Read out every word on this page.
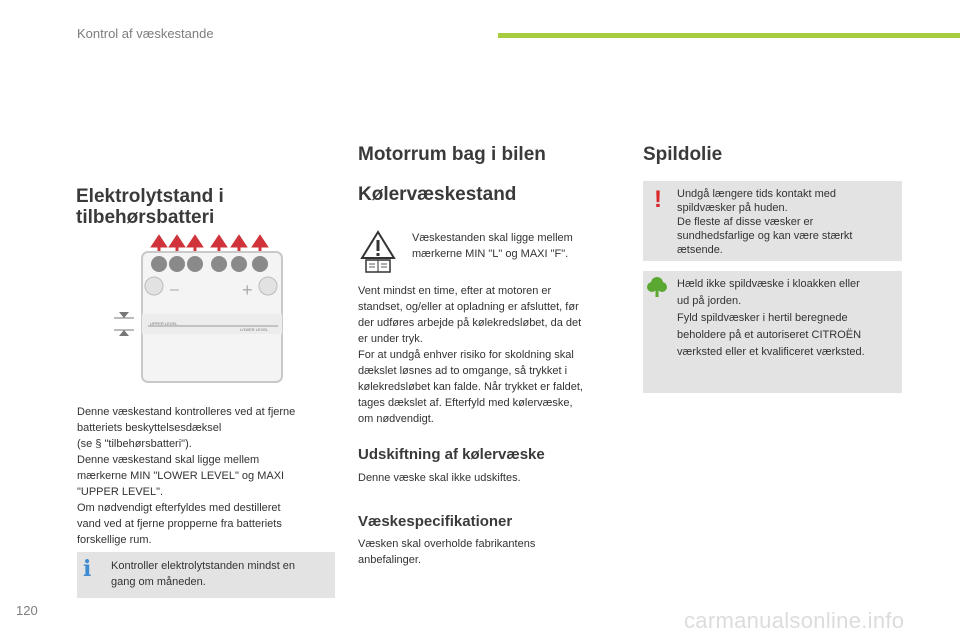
Kontrol af væskestande
Elektrolytstand i
tilbehørsbatteri
–	+
UPPER LEVEL
LOWER LEVEL
Denne væskestand kontrolleres ved at fjerne
batteriets beskyttelsesdæksel
(se § "tilbehørsbatteri").
Denne væskestand skal ligge mellem
mærkerne MIN "LOWER LEVEL" og MAXI
"UPPER LEVEL".
Om nødvendigt efterfyldes med destilleret
vand ved at fjerne propperne fra batteriets
forskellige rum.
i Kontroller elektrolytstanden mindst en
gang om måneden.
Motorrum bag i bilen
Kølervæskestand
Væskestanden skal ligge mellem
mærkerne MIN "L" og MAXI "F".
Vent mindst en time, efter at motoren er
standset, og/eller at opladning er afsluttet, før
der udføres arbejde på kølekredsløbet, da det
er under tryk.
For at undgå enhver risiko for skoldning skal
dækslet løsnes ad to omgange, så trykket i
kølekredsløbet kan falde. Når trykket er faldet,
tages dækslet af. Efterfyld med kølervæske,
om nødvendigt.
Udskiftning af kølervæske
Denne væske skal ikke udskiftes.
Væskespecifikationer
Væsken skal overholde fabrikantens
anbefalinger.
Spildolie
! Undgå længere tids kontakt med
spildvæsker på huden.
De fleste af disse væsker er
sundhedsfarlige og kan være stærkt
ætsende.
Hæld ikke spildvæske i kloakken eller
ud på jorden.
Fyld spildvæsker i hertil beregnede
beholdere på et autoriseret CITROËN
værksted eller et kvalificeret værksted.
120	carmanualsonline.info
